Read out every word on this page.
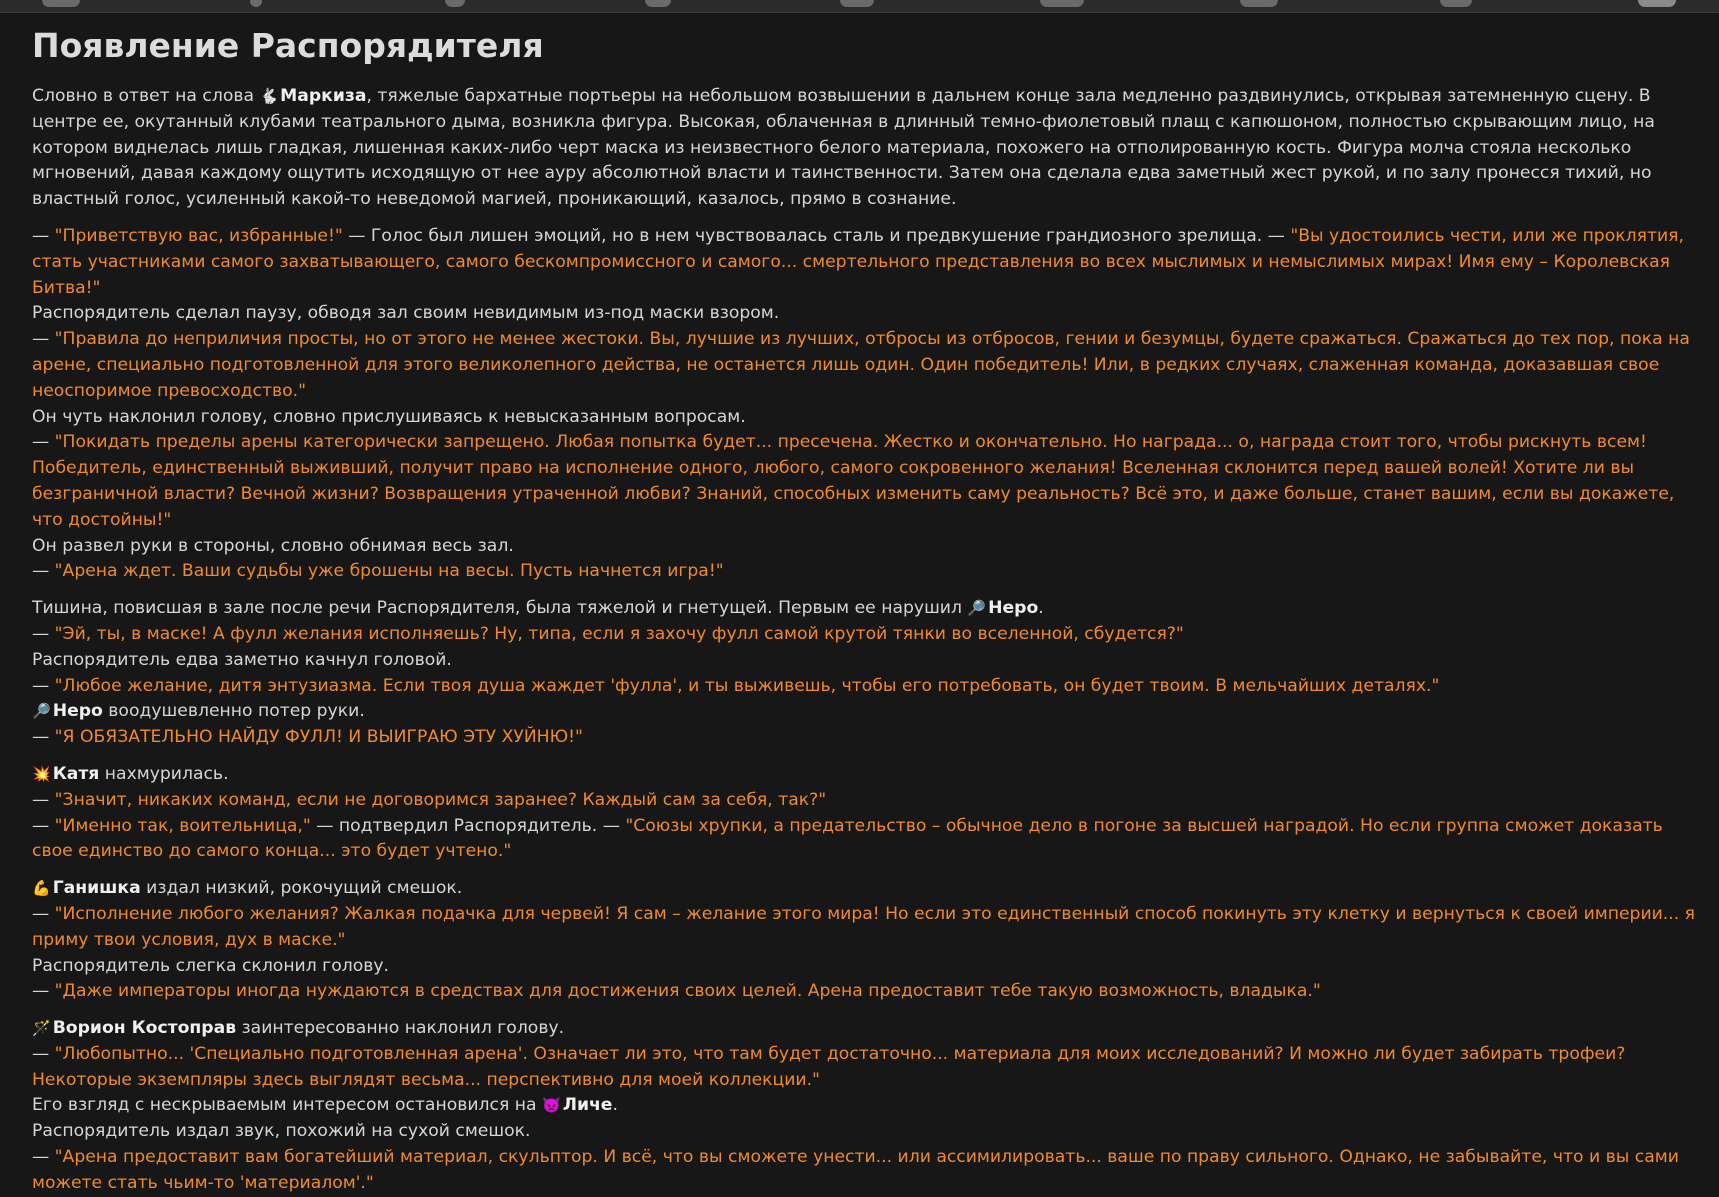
Появление Распорядителя

Словно в ответ на слова 🐇 Маркиза, тяжелые бархатные портьеры на небольшом возвышении в дальнем конце зала медленно раздвинулись, открывая затемненную сцену. В центре ее, окутанный клубами театрального дыма, возникла фигура. Высокая, облаченная в длинный темно-фиолетовый плащ с капюшоном, полностью скрывающим лицо, на котором виднелась лишь гладкая, лишенная каких-либо черт маска из неизвестного белого материала, похожего на отполированную кость. Фигура молча стояла несколько мгновений, давая каждому ощутить исходящую от нее ауру абсолютной власти и таинственности. Затем она сделала едва заметный жест рукой, и по залу пронесся тихий, но властный голос, усиленный какой-то неведомой магией, проникающий, казалось, прямо в сознание.

— "Приветствую вас, избранные!" — Голос был лишен эмоций, но в нем чувствовалась сталь и предвкушение грандиозного зрелища. — "Вы удостоились чести, или же проклятия, стать участниками самого захватывающего, самого бескомпромиссного и самого... смертельного представления во всех мыслимых и немыслимых мирах! Имя ему – Королевская Битва!"
Распорядитель сделал паузу, обводя зал своим невидимым из-под маски взором.
— "Правила до неприличия просты, но от этого не менее жестоки. Вы, лучшие из лучших, отбросы из отбросов, гении и безумцы, будете сражаться. Сражаться до тех пор, пока на арене, специально подготовленной для этого великолепного действа, не останется лишь один. Один победитель! Или, в редких случаях, слаженная команда, доказавшая свое неоспоримое превосходство."
Он чуть наклонил голову, словно прислушиваясь к невысказанным вопросам.
— "Покидать пределы арены категорически запрещено. Любая попытка будет... пресечена. Жестко и окончательно. Но награда... о, награда стоит того, чтобы рискнуть всем! Победитель, единственный выживший, получит право на исполнение одного, любого, самого сокровенного желания! Вселенная склонится перед вашей волей! Хотите ли вы безграничной власти? Вечной жизни? Возвращения утраченной любви? Знаний, способных изменить саму реальность? Всё это, и даже больше, станет вашим, если вы докажете, что достойны!"
Он развел руки в стороны, словно обнимая весь зал.
— "Арена ждет. Ваши судьбы уже брошены на весы. Пусть начнется игра!"
Тишина, повисшая в зале после речи Распорядителя, была тяжелой и гнетущей. Первым ее нарушил 🔎 Неро.
— "Эй, ты, в маске! А фулл желания исполняешь? Ну, типа, если я захочу фулл самой крутой тянки во вселенной, сбудется?"
Распорядитель едва заметно качнул головой.
— "Любое желание, дитя энтузиазма. Если твоя душа жаждет 'фулла', и ты выживешь, чтобы его потребовать, он будет твоим. В мельчайших деталях."
🔎 Неро воодушевленно потер руки.
— "Я ОБЯЗАТЕЛЬНО НАЙДУ ФУЛЛ! И ВЫИГРАЮ ЭТУ ХУЙНЮ!"
💥 Катя нахмурилась.
— "Значит, никаких команд, если не договоримся заранее? Каждый сам за себя, так?"
— "Именно так, воительница," — подтвердил Распорядитель. — "Союзы хрупки, а предательство – обычное дело в погоне за высшей наградой. Но если группа сможет доказать свое единство до самого конца... это будет учтено."
💪 Ганишка издал низкий, рокочущий смешок.
— "Исполнение любого желания? Жалкая подачка для червей! Я сам – желание этого мира! Но если это единственный способ покинуть эту клетку и вернуться к своей империи... я приму твои условия, дух в маске."
Распорядитель слегка склонил голову.
— "Даже императоры иногда нуждаются в средствах для достижения своих целей. Арена предоставит тебе такую возможность, владыка."
🪄 Ворион Костоправ заинтересованно наклонил голову.
— "Любопытно... 'Специально подготовленная арена'. Означает ли это, что там будет достаточно... материала для моих исследований? И можно ли будет забирать трофеи? Некоторые экземпляры здесь выглядят весьма... перспективно для моей коллекции."
Его взгляд с нескрываемым интересом остановился на 👿 Личе.
Распорядитель издал звук, похожий на сухой смешок.
— "Арена предоставит вам богатейший материал, скульптор. И всё, что вы сможете унести... или ассимилировать... ваше по праву сильного. Однако, не забывайте, что и вы сами можете стать чьим-то 'материалом'."
